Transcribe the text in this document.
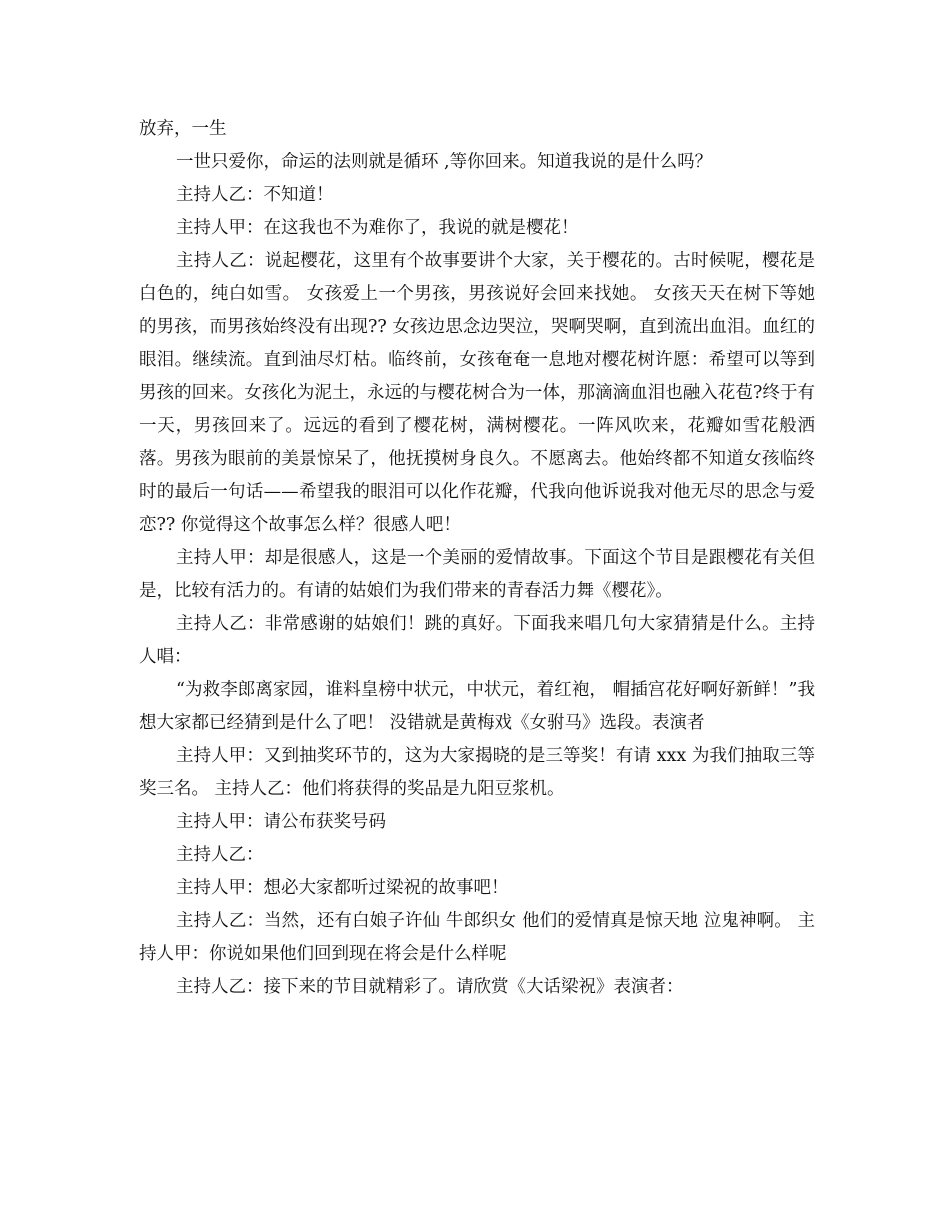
放弃，一生

一世只爱你，命运的法则就是循环 ,等你回来。知道我说的是什么吗？

主持人乙：不知道！

主持人甲：在这我也不为难你了，我说的就是樱花！

主持人乙：说起樱花，这里有个故事要讲个大家，关于樱花的。古时候呢，樱花是白色的，纯白如雪。 女孩爱上一个男孩，男孩说好会回来找她。 女孩天天在树下等她的男孩，而男孩始终没有出现?? 女孩边思念边哭泣，哭啊哭啊，直到流出血泪。血红的眼泪。继续流。直到油尽灯枯。临终前，女孩奄奄一息地对樱花树许愿：希望可以等到男孩的回来。女孩化为泥土，永远的与樱花树合为一体，那滴滴血泪也融入花苞?终于有一天，男孩回来了。远远的看到了樱花树，满树樱花。一阵风吹来，花瓣如雪花般洒落。男孩为眼前的美景惊呆了，他抚摸树身良久。不愿离去。他始终都不知道女孩临终时的最后一句话——希望我的眼泪可以化作花瓣，代我向他诉说我对他无尽的思念与爱恋?? 你觉得这个故事怎么样？很感人吧！

主持人甲：却是很感人，这是一个美丽的爱情故事。下面这个节目是跟樱花有关但是，比较有活力的。有请的姑娘们为我们带来的青春活力舞《樱花》。

主持人乙：非常感谢的姑娘们！跳的真好。下面我来唱几句大家猜猜是什么。主持人唱：

“为救李郎离家园，谁料皇榜中状元，中状元，着红袍， 帽插宫花好啊好新鲜！”我想大家都已经猜到是什么了吧！ 没错就是黄梅戏《女驸马》选段。表演者

主持人甲：又到抽奖环节的，这为大家揭晓的是三等奖！有请 xxx 为我们抽取三等奖三名。 主持人乙：他们将获得的奖品是九阳豆浆机。

主持人甲：请公布获奖号码

主持人乙：

主持人甲：想必大家都听过梁祝的故事吧！

主持人乙：当然，还有白娘子许仙 牛郎织女 他们的爱情真是惊天地 泣鬼神啊。 主持人甲：你说如果他们回到现在将会是什么样呢

主持人乙：接下来的节目就精彩了。请欣赏《大话梁祝》表演者：
